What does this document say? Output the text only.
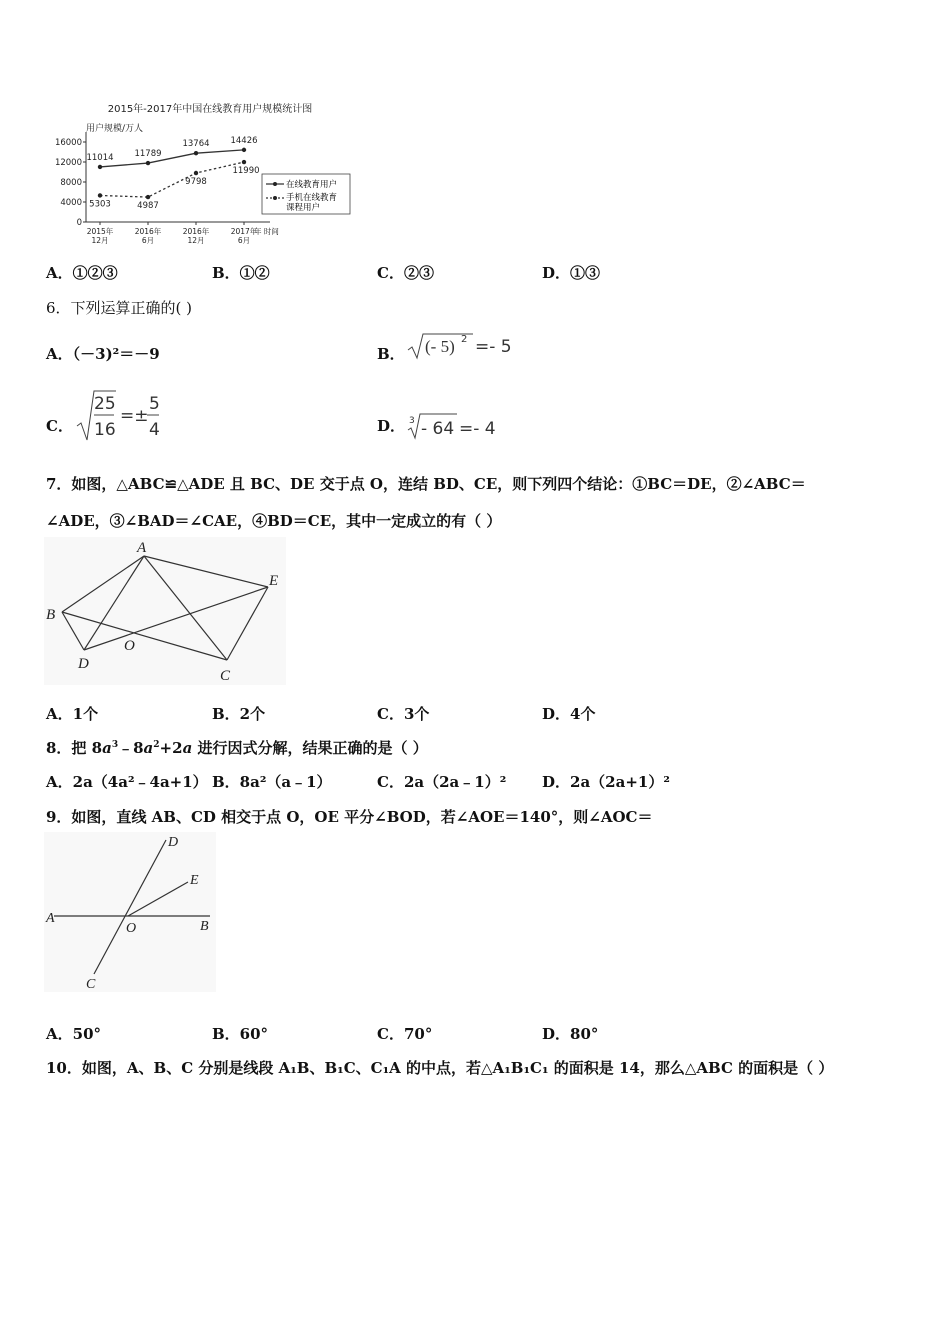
2015年-2017年中国在线教育用户规模统计图
用户规模/万人
0
4000
8000
12000
16000
2015年
12月
2016年
6月
2016年
12月
2017年
6月
年 时间
11014 11789
13764 14426
5303	4987
9798
11990
在线教育用户
手机在线教育
课程用户
A．①②③	B．①②	C．②③	D．①③
6．下列运算正确的( )
A．（－3)²＝－9	B． (- 5) 2 =- 5
C．
25
16
=±
5
4	D． 3 - 64 =- 4
7．如图，△ABC≌△ADE 且 BC、DE 交于点 O，连结 BD、CE，则下列四个结论：①BC＝DE，②∠ABC＝
∠ADE，③∠BAD＝∠CAE，④BD＝CE，其中一定成立的有（ ）
A
B
C
D
E
O
A．1个	B．2个	C．3个	D．4个
8．把 $8a^3﹣8a^2+2a$ 进行因式分解，结果正确的是（ ）
A．2a（4a²﹣4a+1） B．8a²（a﹣1）	C．2a（2a﹣1）² D．2a（2a+1）²
9．如图，直线 AB、CD 相交于点 O，OE 平分∠BOD，若∠AOE＝140°，则∠AOC＝
A
B
C
D
E
O
A．50°	B．60°	C．70°	D．80°
10．如图，A、B、C 分别是线段 A₁B、B₁C、C₁A 的中点，若△A₁B₁C₁ 的面积是 14，那么△ABC 的面积是（ ）
